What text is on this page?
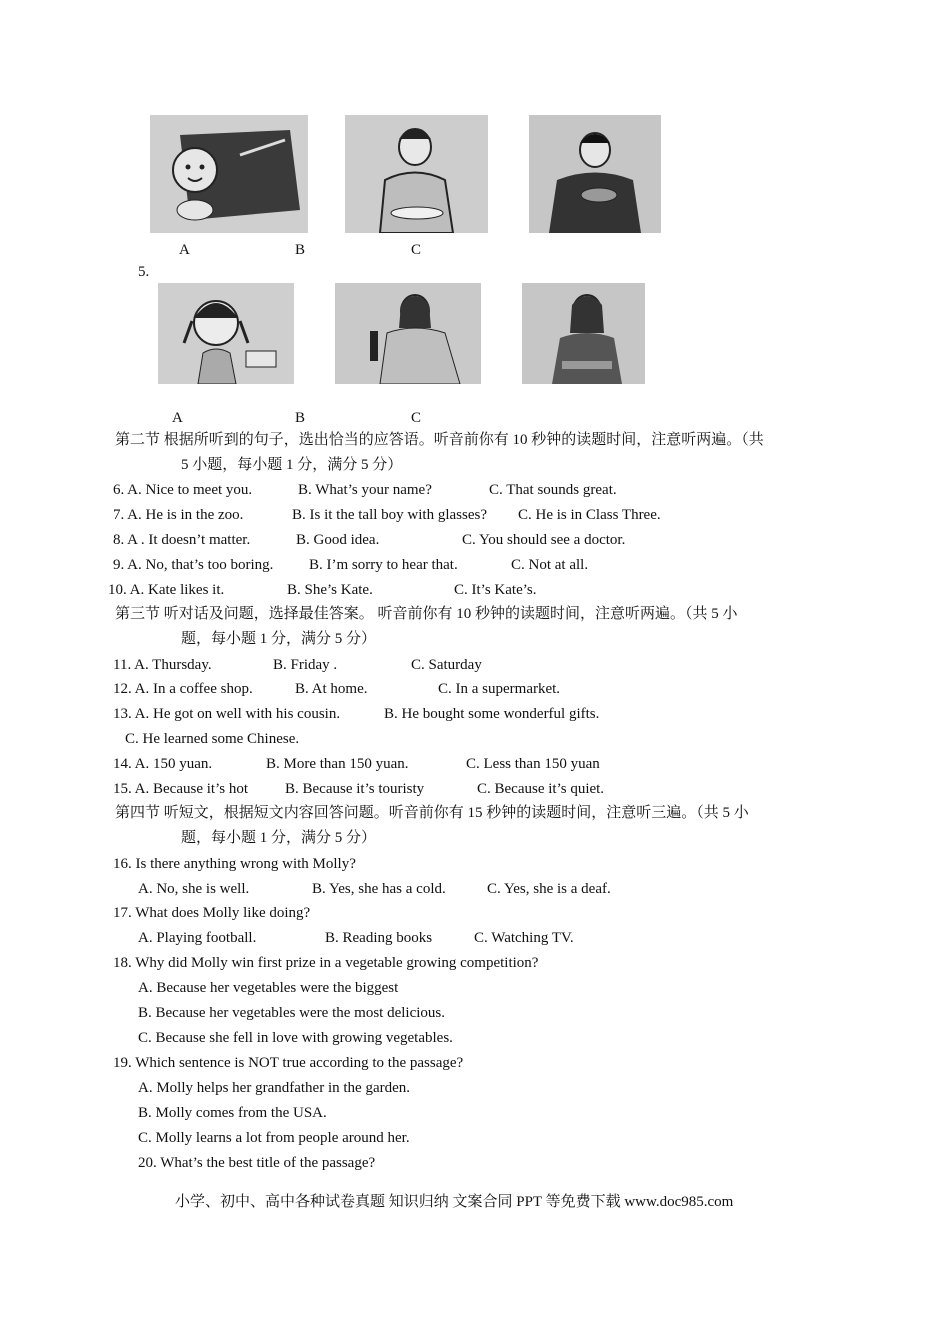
A	B	C
5.
A	B	C
第二节 根据所听到的句子，选出恰当的应答语。听音前你有 10 秒钟的读题时间，注意听两遍。（共
5 小题，每小题 1 分，满分 5 分）
6. A. Nice to meet you.	B. What’s your name?	C. That sounds great.
7. A. He is in the zoo.	B. Is it the tall boy with glasses? C. He is in Class Three.
8. A . It doesn’t matter.	B. Good idea.	C. You should see a doctor.
9. A. No, that’s too boring. B. I’m sorry to hear that.	C. Not at all.
10. A. Kate likes it.	B. She’s Kate.	C. It’s Kate’s.
第三节 听对话及问题，选择最佳答案。 听音前你有 10 秒钟的读题时间，注意听两遍。（共 5 小
题，每小题 1 分，满分 5 分）
11. A. Thursday.	B. Friday .	C. Saturday
12. A. In a coffee shop.	B. At home.	C. In a supermarket.
13. A. He got on well with his cousin.	B. He bought some wonderful gifts.
C. He learned some Chinese.
14. A. 150 yuan.	B. More than 150 yuan.	C. Less than 150 yuan
15. A. Because it’s hot B. Because it’s touristy	C. Because it’s quiet.
第四节 听短文，根据短文内容回答问题。听音前你有 15 秒钟的读题时间，注意听三遍。（共 5 小
题，每小题 1 分，满分 5 分）
16. Is there anything wrong with Molly?
A. No, she is well.	B. Yes, she has a cold.	C. Yes, she is a deaf.
17. What does Molly like doing?
A. Playing football.	B. Reading books	C. Watching TV.
18. Why did Molly win first prize in a vegetable growing competition?
A. Because her vegetables were the biggest
B. Because her vegetables were the most delicious.
C. Because she fell in love with growing vegetables.
19. Which sentence is NOT true according to the passage?
A. Molly helps her grandfather in the garden.
B. Molly comes from the USA.
C. Molly learns a lot from people around her.
20. What’s the best title of the passage?
小学、初中、高中各种试卷真题 知识归纳 文案合同 PPT 等免费下载 www.doc985.com
